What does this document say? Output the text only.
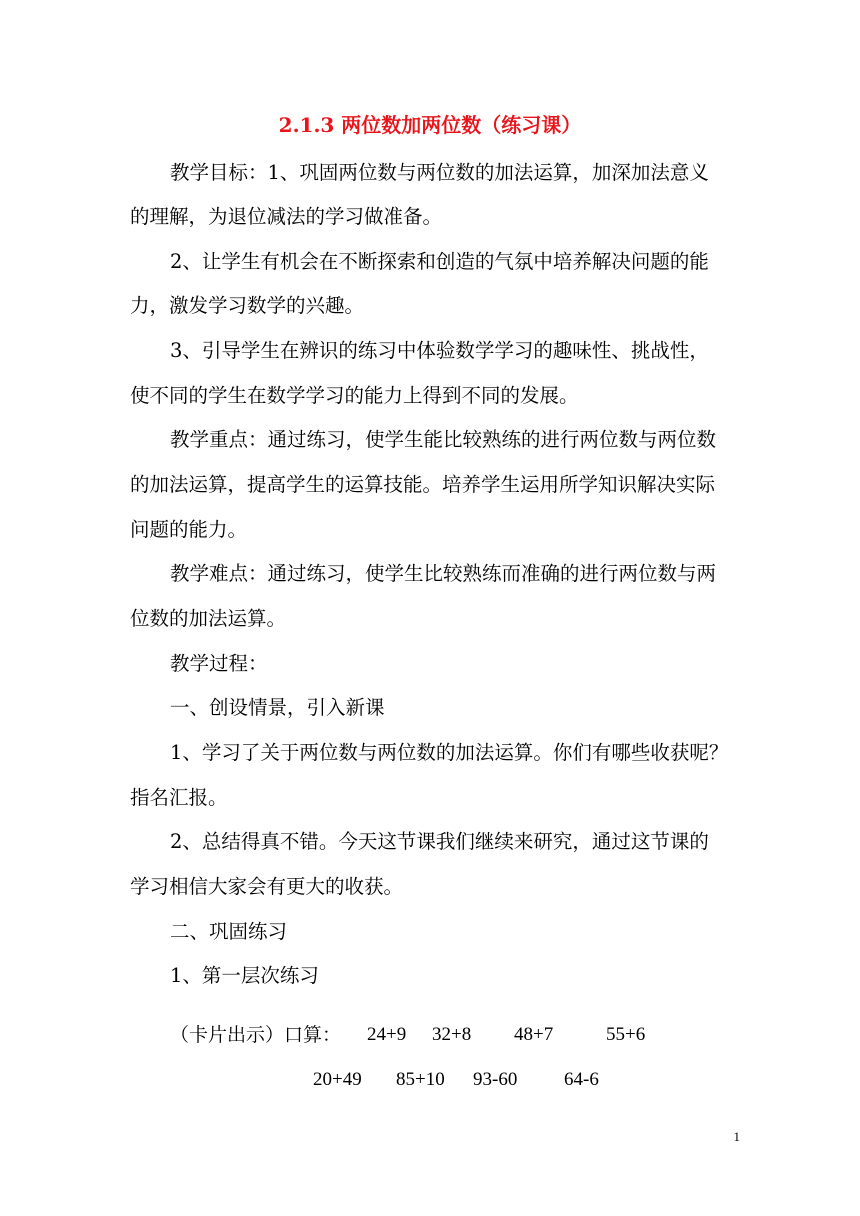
2.1.3 两位数加两位数（练习课）
教学目标：1、巩固两位数与两位数的加法运算，加深加法意义
的理解，为退位减法的学习做准备。
2、让学生有机会在不断探索和创造的气氛中培养解决问题的能
力，激发学习数学的兴趣。
3、引导学生在辨识的练习中体验数学学习的趣味性、挑战性，
使不同的学生在数学学习的能力上得到不同的发展。
教学重点：通过练习，使学生能比较熟练的进行两位数与两位数
的加法运算，提高学生的运算技能。培养学生运用所学知识解决实际
问题的能力。
教学难点：通过练习，使学生比较熟练而准确的进行两位数与两
位数的加法运算。
教学过程：
一、创设情景，引入新课
1、学习了关于两位数与两位数的加法运算。你们有哪些收获呢？
指名汇报。
2、总结得真不错。今天这节课我们继续来研究，通过这节课的
学习相信大家会有更大的收获。
二、巩固练习
1、第一层次练习
（卡片出示）口算： 24+9 32+8 48+7	55+6
20+49 85+10 93-60 64-6
1
